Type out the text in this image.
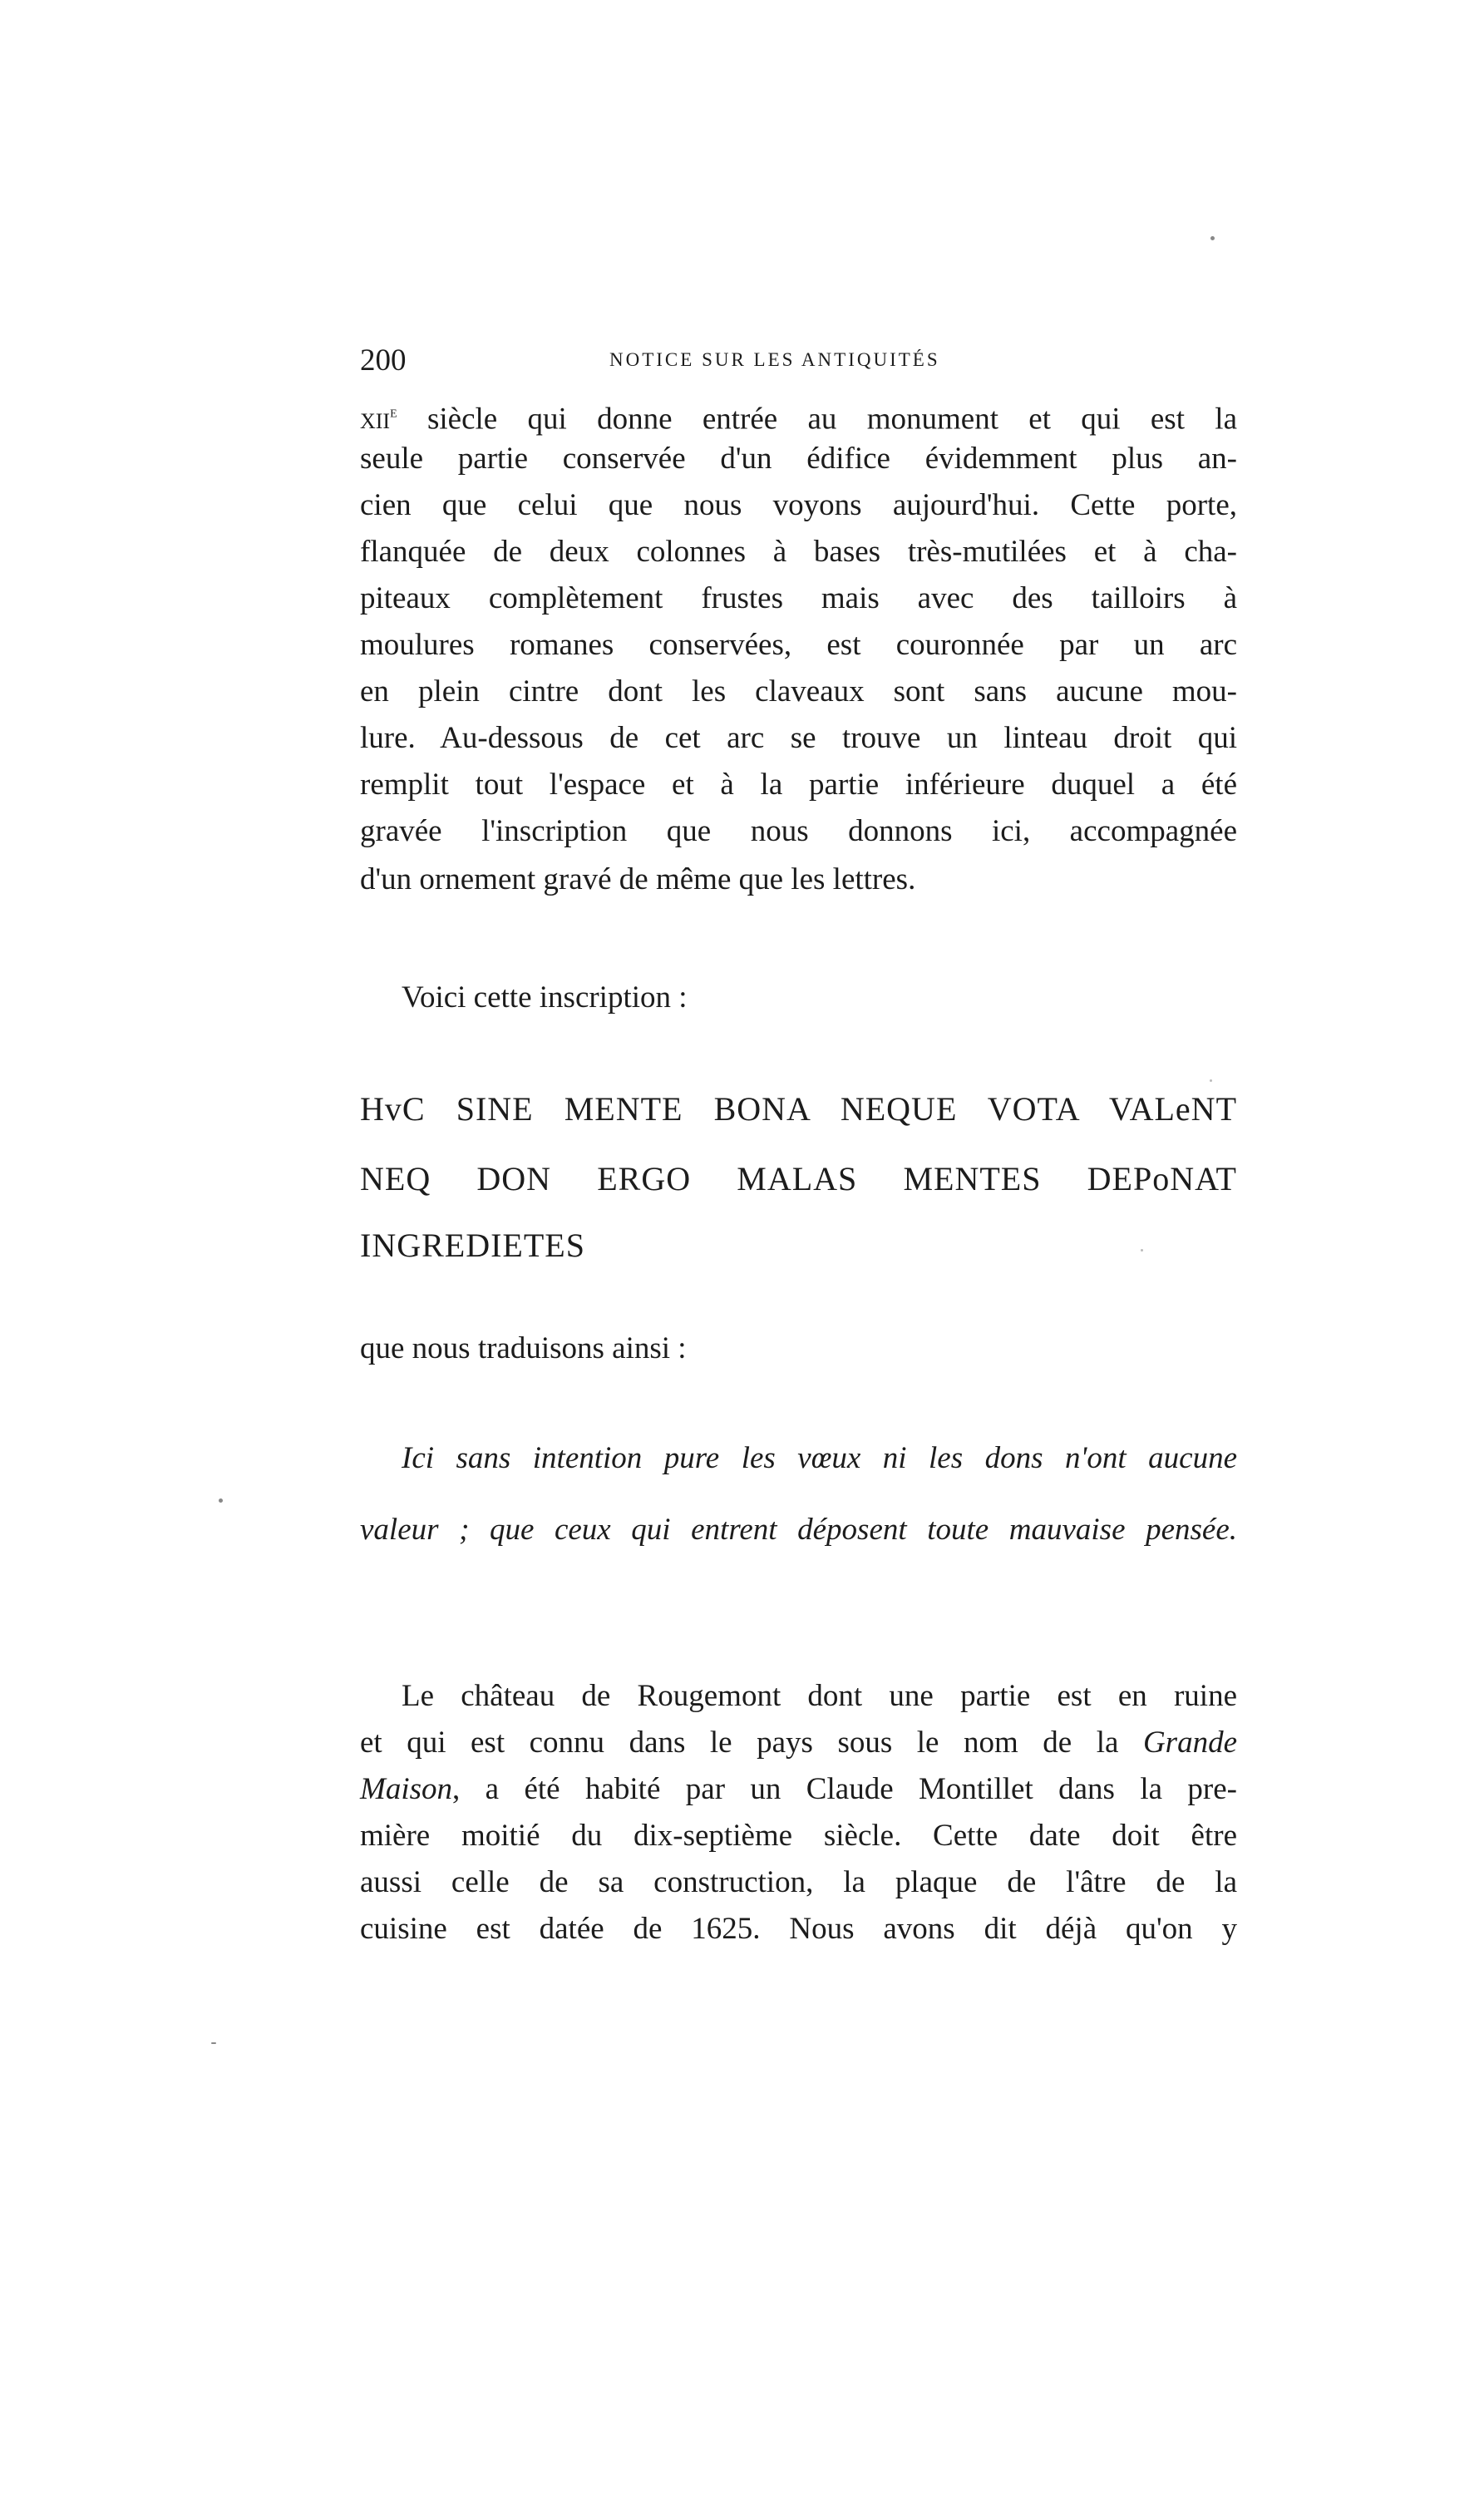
200	NOTICE SUR LES ANTIQUITÉS
xii$^e$ siècle qui donne entrée au monument et qui est la
seule partie conservée d'un édifice évidemment plus an-
cien que celui que nous voyons aujourd'hui. Cette porte,
flanquée de deux colonnes à bases très-mutilées et à cha-
piteaux complètement frustes mais avec des tailloirs à
moulures romanes conservées, est couronnée par un arc
en plein cintre dont les claveaux sont sans aucune mou-
lure. Au-dessous de cet arc se trouve un linteau droit qui
remplit tout l'espace et à la partie inférieure duquel a été
gravée l'inscription que nous donnons ici, accompagnée
d'un ornement gravé de même que les lettres.
Voici cette inscription :
HvC SINE MENTE BONA NEQUE VOTA VALeNT
NEQ DON ERGO MALAS MENTES DEPoNAT
INGREDIETES
que nous traduisons ainsi :
Ici sans intention pure les vœux ni les dons n'ont aucune
valeur ; que ceux qui entrent déposent toute mauvaise pensée.
Le château de Rougemont dont une partie est en ruine
et qui est connu dans le pays sous le nom de la Grande
Maison, a été habité par un Claude Montillet dans la pre-
mière moitié du dix-septième siècle. Cette date doit être
aussi celle de sa construction, la plaque de l'âtre de la
cuisine est datée de 1625. Nous avons dit déjà qu'on y
